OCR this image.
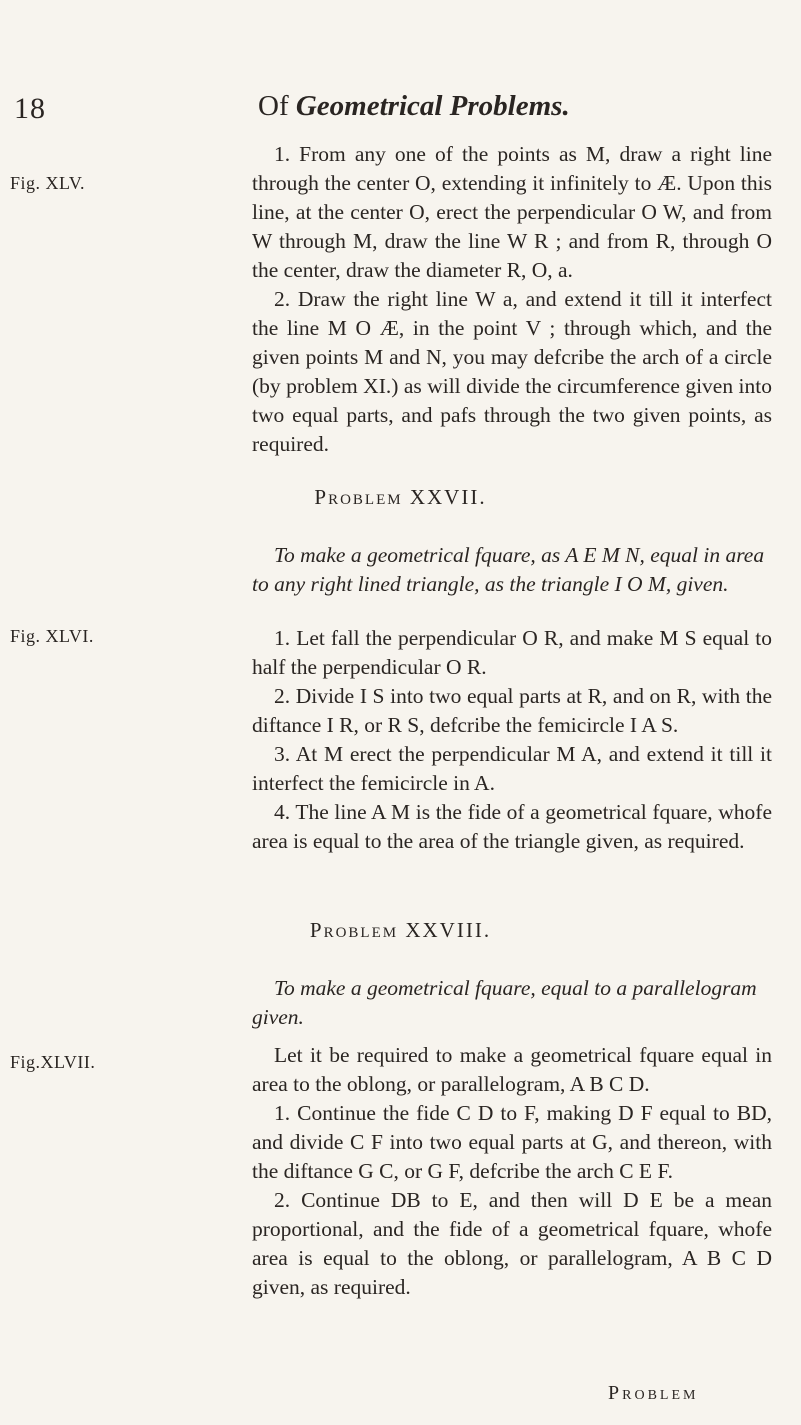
18	Of Geometrical Problems.
Fig. XLV.
Fig. XLVI.
Fig.XLVII.

1. From any one of the points as M, draw a right line through the center O, extending it infinitely to Æ. Upon this line, at the center O, erect the perpendicular O W, and from W through M, draw the line W R ; and from R, through O the center, draw the diameter R, O, a.

2. Draw the right line W a, and extend it till it interfect the line M O Æ, in the point V ; through which, and the given points M and N, you may defcribe the arch of a circle (by problem XI.) as will divide the circumference given into two equal parts, and pafs through the two given points, as required.

Problem XXVII.
To make a geometrical fquare, as A E M N, equal in area to any right lined triangle, as the triangle I O M, given.

1. Let fall the perpendicular O R, and make M S equal to half the perpendicular O R.

2. Divide I S into two equal parts at R, and on R, with the diftance I R, or R S, defcribe the femicircle I A S.

3. At M erect the perpendicular M A, and extend it till it interfect the femicircle in A.

4. The line A M is the fide of a geometrical fquare, whofe area is equal to the area of the triangle given, as required.

Problem XXVIII.
To make a geometrical fquare, equal to a parallelogram given.

Let it be required to make a geometrical fquare equal in area to the oblong, or parallelogram, A B C D.

1. Continue the fide C D to F, making D F equal to BD, and divide C F into two equal parts at G, and thereon, with the diftance G C, or G F, defcribe the arch C E F.

2. Continue DB to E, and then will D E be a mean proportional, and the fide of a geometrical fquare, whofe area is equal to the oblong, or parallelogram, A B C D given, as required.

Problem
